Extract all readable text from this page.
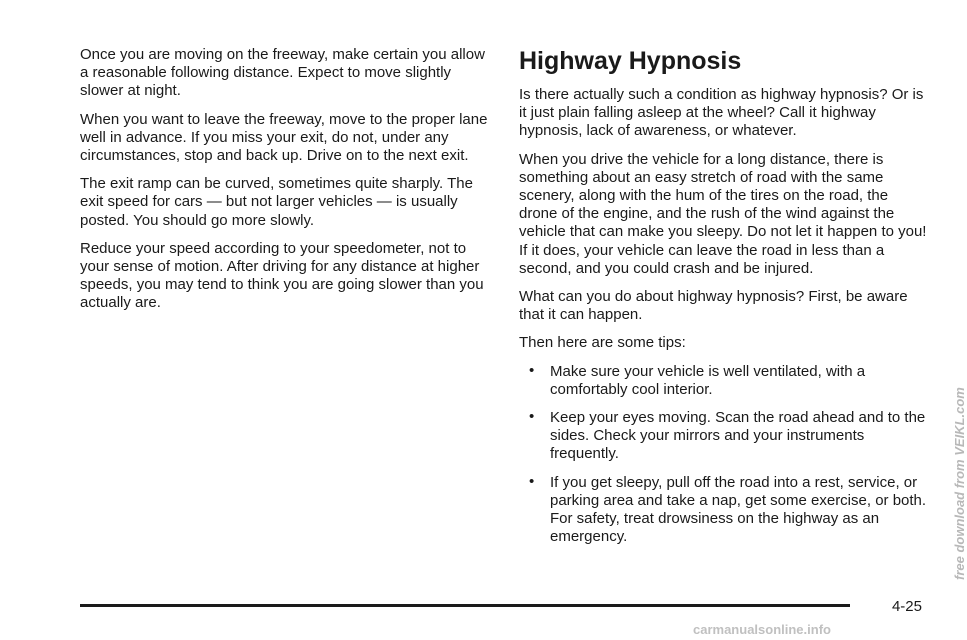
Once you are moving on the freeway, make certain you allow a reasonable following distance. Expect to move slightly slower at night.

When you want to leave the freeway, move to the proper lane well in advance. If you miss your exit, do not, under any circumstances, stop and back up. Drive on to the next exit.

The exit ramp can be curved, sometimes quite sharply. The exit speed for cars — but not larger vehicles — is usually posted. You should go more slowly.

Reduce your speed according to your speedometer, not to your sense of motion. After driving for any distance at higher speeds, you may tend to think you are going slower than you actually are.

Highway Hypnosis

Is there actually such a condition as highway hypnosis? Or is it just plain falling asleep at the wheel? Call it highway hypnosis, lack of awareness, or whatever.

When you drive the vehicle for a long distance, there is something about an easy stretch of road with the same scenery, along with the hum of the tires on the road, the drone of the engine, and the rush of the wind against the vehicle that can make you sleepy. Do not let it happen to you! If it does, your vehicle can leave the road in less than a second, and you could crash and be injured.

What can you do about highway hypnosis? First, be aware that it can happen.

Then here are some tips:

• Make sure your vehicle is well ventilated, with a comfortably cool interior.
• Keep your eyes moving. Scan the road ahead and to the sides. Check your mirrors and your instruments frequently.
• If you get sleepy, pull off the road into a rest, service, or parking area and take a nap, get some exercise, or both. For safety, treat drowsiness on the highway as an emergency.
4-25
free download from VEIKL.com
carmanualsonline.info
